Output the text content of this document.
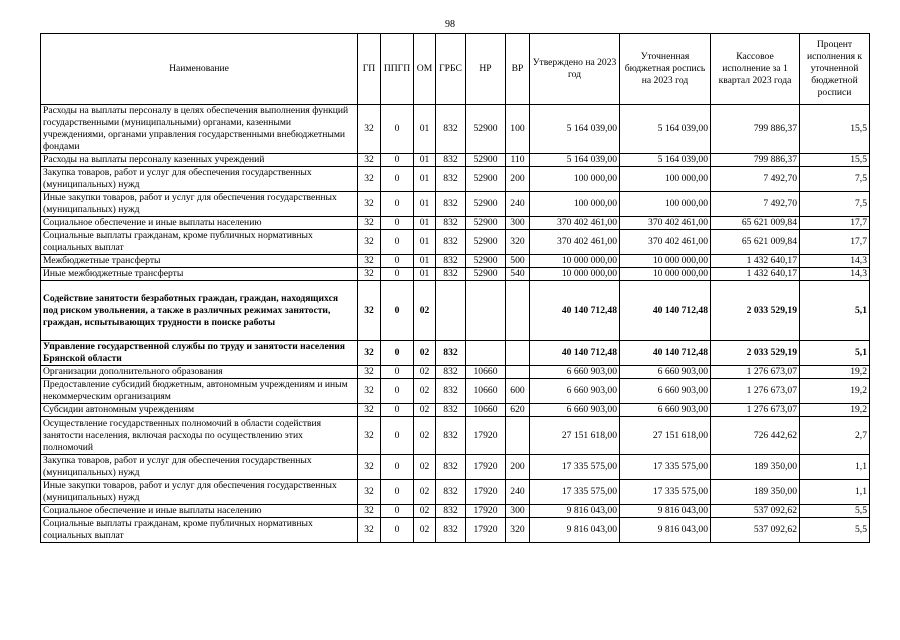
98
Наименование	ГП	ППГП	ОМ	ГРБС	НР	ВР	Утверждено на 2023 год	Уточненная бюджетная роспись на 2023 год	Кассовое исполнение за 1 квартал 2023 года	Процент исполнения к уточненной бюджетной росписи
Расходы на выплаты персоналу в целях обеспечения выполнения функций государственными (муниципальными) органами, казенными учреждениями, органами управления государственными внебюджетными фондами	32	0	01	832	52900	100	5 164 039,00	5 164 039,00	799 886,37	15,5
Расходы на выплаты персоналу казенных учреждений	32	0	01	832	52900	110	5 164 039,00	5 164 039,00	799 886,37	15,5
Закупка товаров, работ и услуг для обеспечения государственных (муниципальных) нужд	32	0	01	832	52900	200	100 000,00	100 000,00	7 492,70	7,5
Иные закупки товаров, работ и услуг для обеспечения государственных (муниципальных) нужд	32	0	01	832	52900	240	100 000,00	100 000,00	7 492,70	7,5
Социальное обеспечение и иные выплаты населению	32	0	01	832	52900	300	370 402 461,00	370 402 461,00	65 621 009,84	17,7
Социальные выплаты гражданам, кроме публичных нормативных социальных выплат	32	0	01	832	52900	320	370 402 461,00	370 402 461,00	65 621 009,84	17,7
Межбюджетные трансферты	32	0	01	832	52900	500	10 000 000,00	10 000 000,00	1 432 640,17	14,3
Иные межбюджетные трансферты	32	0	01	832	52900	540	10 000 000,00	10 000 000,00	1 432 640,17	14,3
Содействие занятости безработных граждан, граждан, находящихся под риском увольнения, а также в различных режимах занятости, граждан, испытывающих трудности в поиске работы	32	0	02				40 140 712,48	40 140 712,48	2 033 529,19	5,1
Управление государственной службы по труду и занятости населения Брянской области	32	0	02	832			40 140 712,48	40 140 712,48	2 033 529,19	5,1
Организации дополнительного образования	32	0	02	832	10660		6 660 903,00	6 660 903,00	1 276 673,07	19,2
Предоставление субсидий бюджетным, автономным учреждениям и иным некоммерческим организациям	32	0	02	832	10660	600	6 660 903,00	6 660 903,00	1 276 673,07	19,2
Субсидии автономным учреждениям	32	0	02	832	10660	620	6 660 903,00	6 660 903,00	1 276 673,07	19,2
Осуществление государственных полномочий в области содействия занятости населения, включая расходы по осуществлению этих полномочий	32	0	02	832	17920		27 151 618,00	27 151 618,00	726 442,62	2,7
Закупка товаров, работ и услуг для обеспечения государственных (муниципальных) нужд	32	0	02	832	17920	200	17 335 575,00	17 335 575,00	189 350,00	1,1
Иные закупки товаров, работ и услуг для обеспечения государственных (муниципальных) нужд	32	0	02	832	17920	240	17 335 575,00	17 335 575,00	189 350,00	1,1
Социальное обеспечение и иные выплаты населению	32	0	02	832	17920	300	9 816 043,00	9 816 043,00	537 092,62	5,5
Социальные выплаты гражданам, кроме публичных нормативных социальных выплат	32	0	02	832	17920	320	9 816 043,00	9 816 043,00	537 092,62	5,5
